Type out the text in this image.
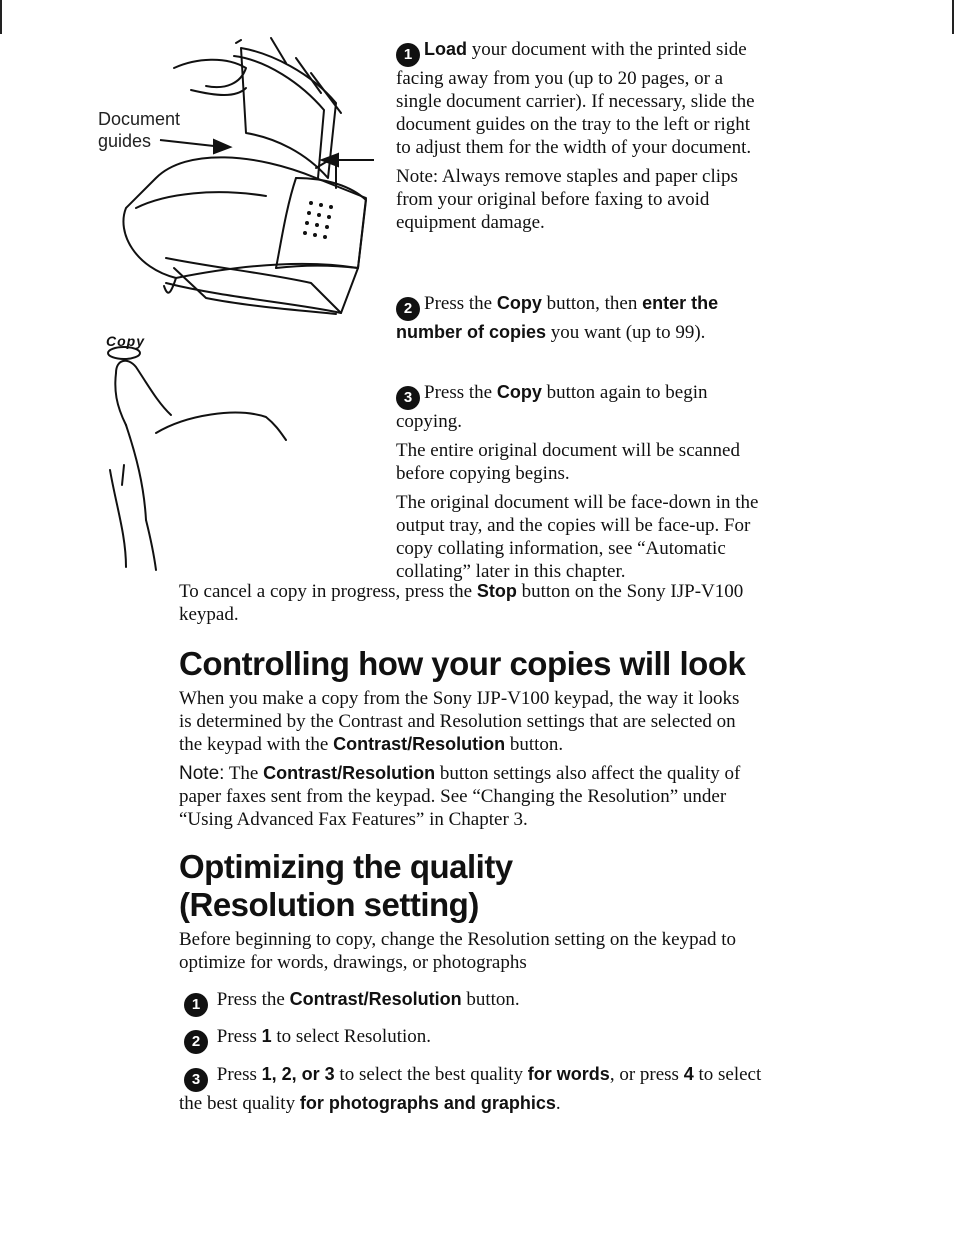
Document
guides
Copy

1 Load your document with the printed side facing away from you (up to 20 pages, or a single document carrier). If necessary, slide the document guides on the tray to the left or right to adjust them for the width of your document.

Note: Always remove staples and paper clips from your original before faxing to avoid equipment damage.

2 Press the Copy button, then enter the number of copies you want (up to 99).

3 Press the Copy button again to begin copying.

The entire original document will be scanned before copying begins.

The original document will be face-down in the output tray, and the copies will be face-up. For copy collating information, see “Automatic collating” later in this chapter.

To cancel a copy in progress, press the Stop button on the Sony IJP-V100 keypad.
Controlling how your copies will look

When you make a copy from the Sony IJP-V100 keypad, the way it looks is determined by the Contrast and Resolution settings that are selected on the keypad with the Contrast/Resolution button.

Note: The Contrast/Resolution button settings also affect the quality of paper faxes sent from the keypad. See “Changing the Resolution” under “Using Advanced Fax Features” in Chapter 3.

Optimizing the quality
(Resolution setting)

Before beginning to copy, change the Resolution setting on the keypad to optimize for words, drawings, or photographs

1 Press the Contrast/Resolution button.
2 Press 1 to select Resolution.
3 Press 1, 2, or 3 to select the best quality for words, or press 4 to select the best quality for photographs and graphics.
